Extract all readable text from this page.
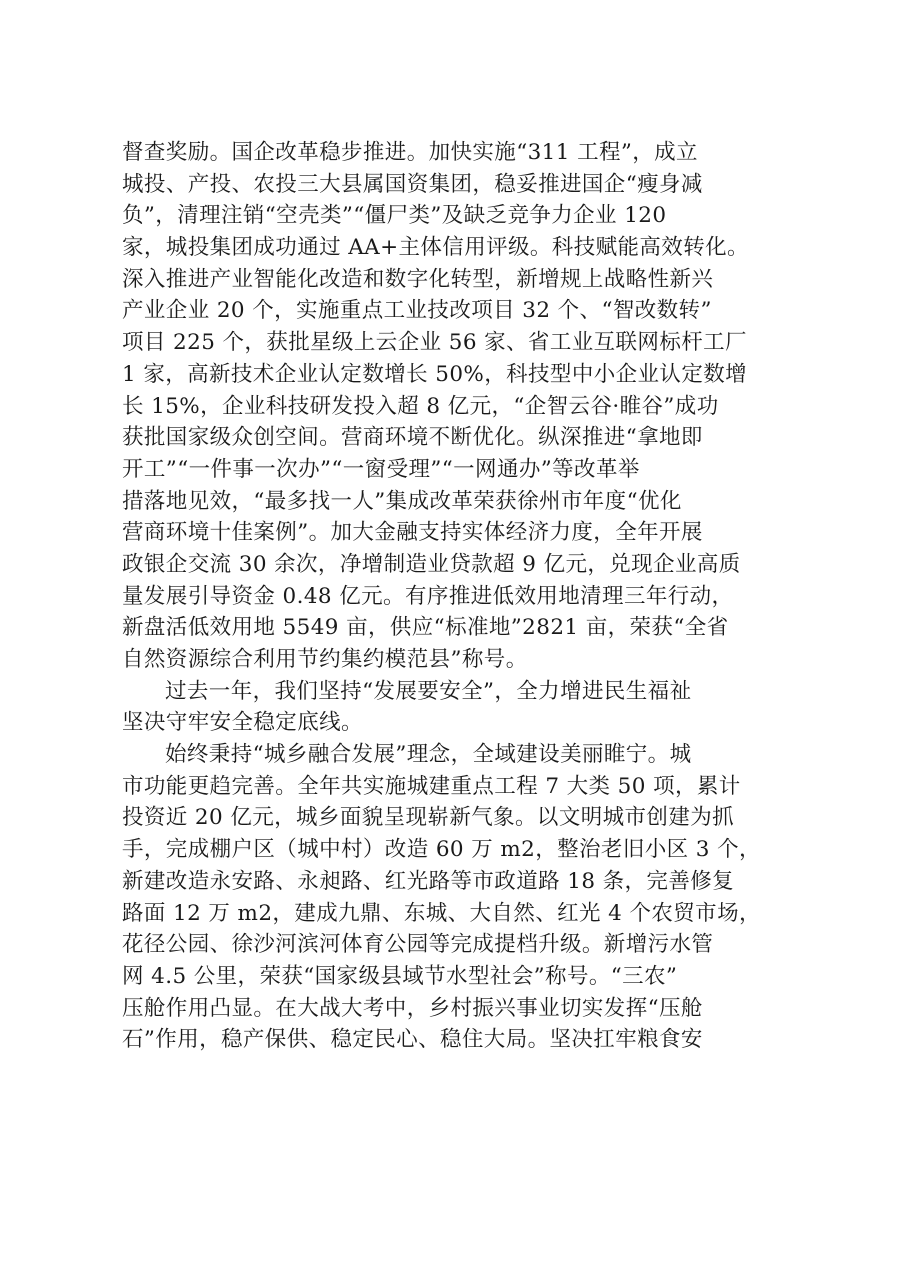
督查奖励。国企改革稳步推进。加快实施“311 工程”，成立
城投、产投、农投三大县属国资集团，稳妥推进国企“瘦身减
负”，清理注销“空壳类”“僵尸类”及缺乏竞争力企业 120
家，城投集团成功通过 AA+主体信用评级。科技赋能高效转化。
深入推进产业智能化改造和数字化转型，新增规上战略性新兴
产业企业 20 个，实施重点工业技改项目 32 个、“智改数转”
项目 225 个，获批星级上云企业 56 家、省工业互联网标杆工厂
1 家，高新技术企业认定数增长 50%，科技型中小企业认定数增
长 15%，企业科技研发投入超 8 亿元，“企智云谷·睢谷”成功
获批国家级众创空间。营商环境不断优化。纵深推进“拿地即
开工”“一件事一次办”“一窗受理”“一网通办”等改革举
措落地见效，“最多找一人”集成改革荣获徐州市年度“优化
营商环境十佳案例”。加大金融支持实体经济力度，全年开展
政银企交流 30 余次，净增制造业贷款超 9 亿元，兑现企业高质
量发展引导资金 0.48 亿元。有序推进低效用地清理三年行动，
新盘活低效用地 5549 亩，供应“标准地”2821 亩，荣获“全省
自然资源综合利用节约集约模范县”称号。
过去一年，我们坚持“发展要安全”，全力增进民生福祉
坚决守牢安全稳定底线。
始终秉持“城乡融合发展”理念，全域建设美丽睢宁。城
市功能更趋完善。全年共实施城建重点工程 7 大类 50 项，累计
投资近 20 亿元，城乡面貌呈现崭新气象。以文明城市创建为抓
手，完成棚户区（城中村）改造 60 万 m2，整治老旧小区 3 个，
新建改造永安路、永昶路、红光路等市政道路 18 条，完善修复
路面 12 万 m2，建成九鼎、东城、大自然、红光 4 个农贸市场，
花径公园、徐沙河滨河体育公园等完成提档升级。新增污水管
网 4.5 公里，荣获“国家级县域节水型社会”称号。“三农”
压舱作用凸显。在大战大考中，乡村振兴事业切实发挥“压舱
石”作用，稳产保供、稳定民心、稳住大局。坚决扛牢粮食安
